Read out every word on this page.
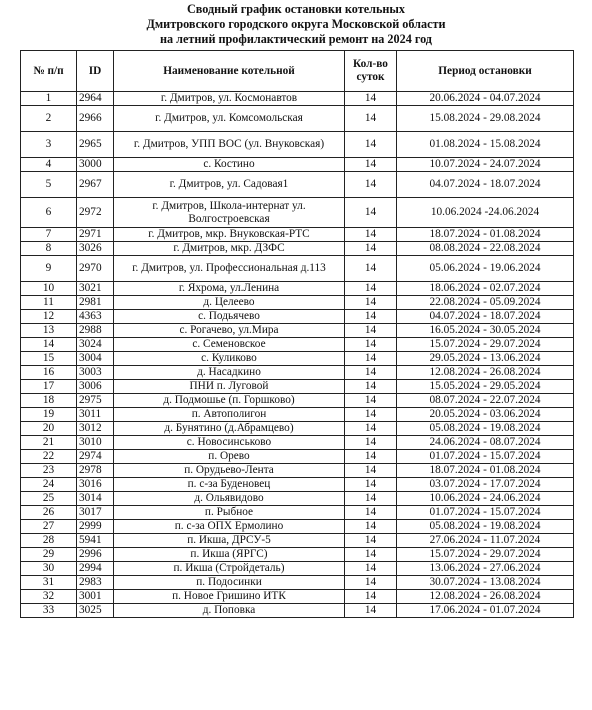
Сводный график остановки котельных
Дмитровского городского округа Московской области
на летний профилактический ремонт на 2024 год
№ п/п	ID	Наименование котельной	Кол-во суток	Период остановки
1	2964	г. Дмитров, ул. Космонавтов	14	20.06.2024 - 04.07.2024
2	2966	г. Дмитров, ул. Комсомольская	14	15.08.2024 - 29.08.2024
3	2965	г. Дмитров, УПП ВОС (ул. Внуковская)	14	01.08.2024 - 15.08.2024
4	3000	с. Костино	14	10.07.2024 - 24.07.2024
5	2967	г. Дмитров, ул. Садовая1	14	04.07.2024 - 18.07.2024
6	2972	г. Дмитров, Школа-интернат ул. Волгостроевская	14	10.06.2024 -24.06.2024
7	2971	г. Дмитров, мкр. Внуковская-РТС	14	18.07.2024 - 01.08.2024
8	3026	г. Дмитров, мкр. ДЗФС	14	08.08.2024 - 22.08.2024
9	2970	г. Дмитров, ул. Профессиональная д.113	14	05.06.2024 - 19.06.2024
10	3021	г. Яхрома, ул.Ленина	14	18.06.2024 - 02.07.2024
11	2981	д. Целеево	14	22.08.2024 - 05.09.2024
12	4363	с. Подьячево	14	04.07.2024 - 18.07.2024
13	2988	с. Рогачево, ул.Мира	14	16.05.2024 - 30.05.2024
14	3024	с. Семеновское	14	15.07.2024 - 29.07.2024
15	3004	с. Куликово	14	29.05.2024 - 13.06.2024
16	3003	д. Насадкино	14	12.08.2024 - 26.08.2024
17	3006	ПНИ п. Луговой	14	15.05.2024 - 29.05.2024
18	2975	д. Подмошье (п. Горшково)	14	08.07.2024 - 22.07.2024
19	3011	п. Автополигон	14	20.05.2024 - 03.06.2024
20	3012	д. Бунятино (д.Абрамцево)	14	05.08.2024 - 19.08.2024
21	3010	с. Новосинськово	14	24.06.2024 - 08.07.2024
22	2974	п. Орево	14	01.07.2024 - 15.07.2024
23	2978	п. Орудьево-Лента	14	18.07.2024 - 01.08.2024
24	3016	п. с-за Буденовец	14	03.07.2024 - 17.07.2024
25	3014	д. Ольявидово	14	10.06.2024 - 24.06.2024
26	3017	п. Рыбное	14	01.07.2024 - 15.07.2024
27	2999	п. с-за ОПХ Ермолино	14	05.08.2024 - 19.08.2024
28	5941	п. Икша, ДРСУ-5	14	27.06.2024 - 11.07.2024
29	2996	п. Икша (ЯРГС)	14	15.07.2024 - 29.07.2024
30	2994	п. Икша (Стройдеталь)	14	13.06.2024 - 27.06.2024
31	2983	п. Подосинки	14	30.07.2024 - 13.08.2024
32	3001	п. Новое Гришино ИТК	14	12.08.2024 - 26.08.2024
33	3025	д. Поповка	14	17.06.2024 - 01.07.2024
